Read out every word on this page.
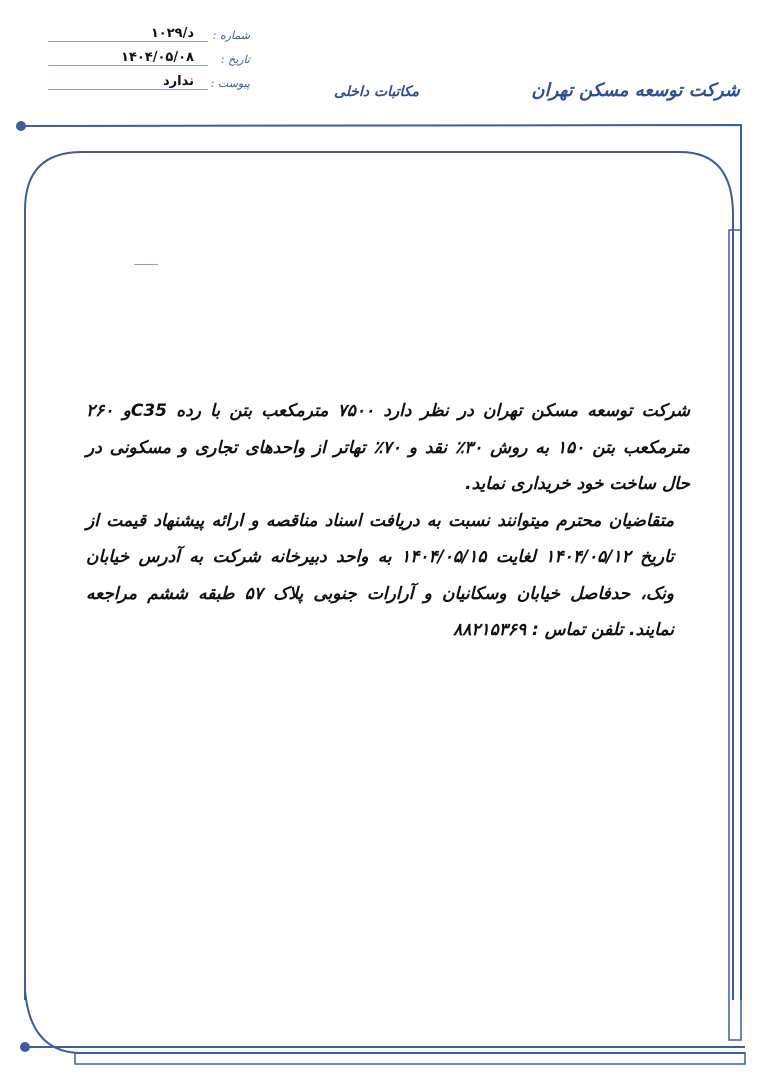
د/۱۰۲۹ شماره :
۱۴۰۴/۰۵/۰۸ تاریخ :
ندارد پیوست :
مکاتبات داخلی	شرکت توسعه مسکن تهران

شرکت توسعه مسکن تهران در نظر دارد ۷۵۰۰ مترمکعب بتن با رده C35و ۲۶۰ مترمکعب بتن ۱۵۰ به روش ۳۰٪ نقد و ۷۰٪ تهاتر از واحدهای تجاری و مسکونی در حال ساخت خود خریداری نماید.

متقاضیان محترم میتوانند نسبت به دریافت اسناد مناقصه و ارائه پیشنهاد قیمت از تاریخ ۱۴۰۴/۰۵/۱۲ لغایت ۱۴۰۴/۰۵/۱۵ به واحد دبیرخانه شرکت به آدرس خیابان ونک، حدفاصل خیابان وسکانیان و آرارات جنوبی پلاک ۵۷ طبقه ششم مراجعه نمایند. تلفن تماس : ۸۸۲۱۵۳۶۹
